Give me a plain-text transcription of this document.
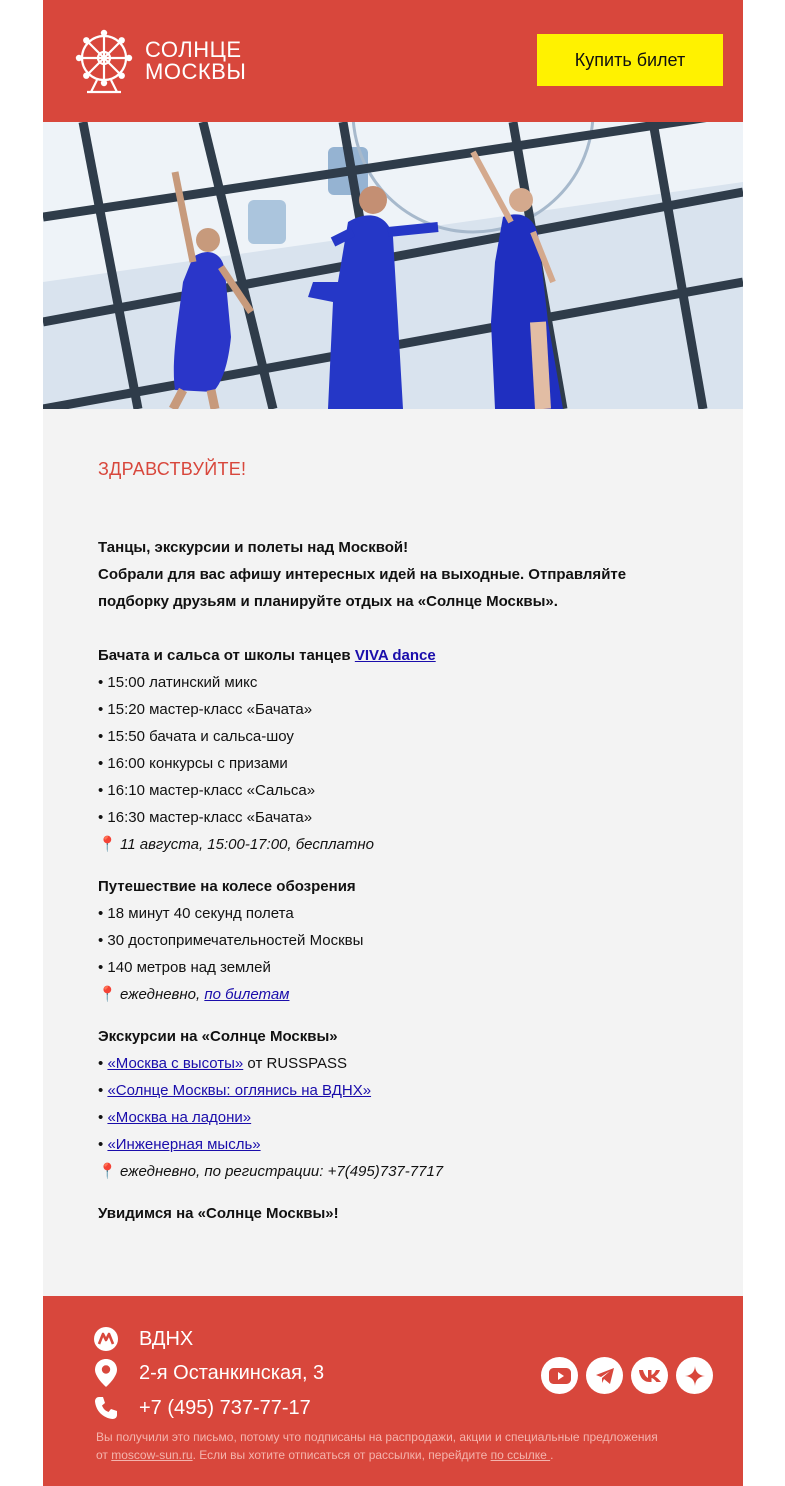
СОЛНЦЕ
МОСКВЫ	Купить билет
ЗДРАВСТВУЙТЕ!
Танцы, экскурсии и полеты над Москвой!
Собрали для вас афишу интересных идей на выходные. Отправляйте
подборку друзьям и планируйте отдых на «Солнце Москвы».
Бачата и сальса от школы танцев VIVA dance
• 15:00 латинский микс
• 15:20 мастер-класс «Бачата»
• 15:50 бачата и сальса-шоу
• 16:00 конкурсы с призами
• 16:10 мастер-класс «Сальса»
• 16:30 мастер-класс «Бачата»
📍 11 августа, 15:00-17:00, бесплатно
Путешествие на колесе обозрения
• 18 минут 40 секунд полета
• 30 достопримечательностей Москвы
• 140 метров над землей
📍 ежедневно, по билетам
Экскурсии на «Солнце Москвы»
• «Москва с высоты» от RUSSPASS
• «Солнце Москвы: оглянись на ВДНХ»
• «Москва на ладони»
• «Инженерная мысль»
📍 ежедневно, по регистрации: +7(495)737-7717
Увидимся на «Солнце Москвы»!
ВДНХ
2-я Останкинская, 3
+7 (495) 737-77-17
Вы получили это письмо, потому что подписаны на распродажи, акции и специальные предложения
от moscow-sun.ru. Если вы хотите отписаться от рассылки, перейдите по ссылке .
